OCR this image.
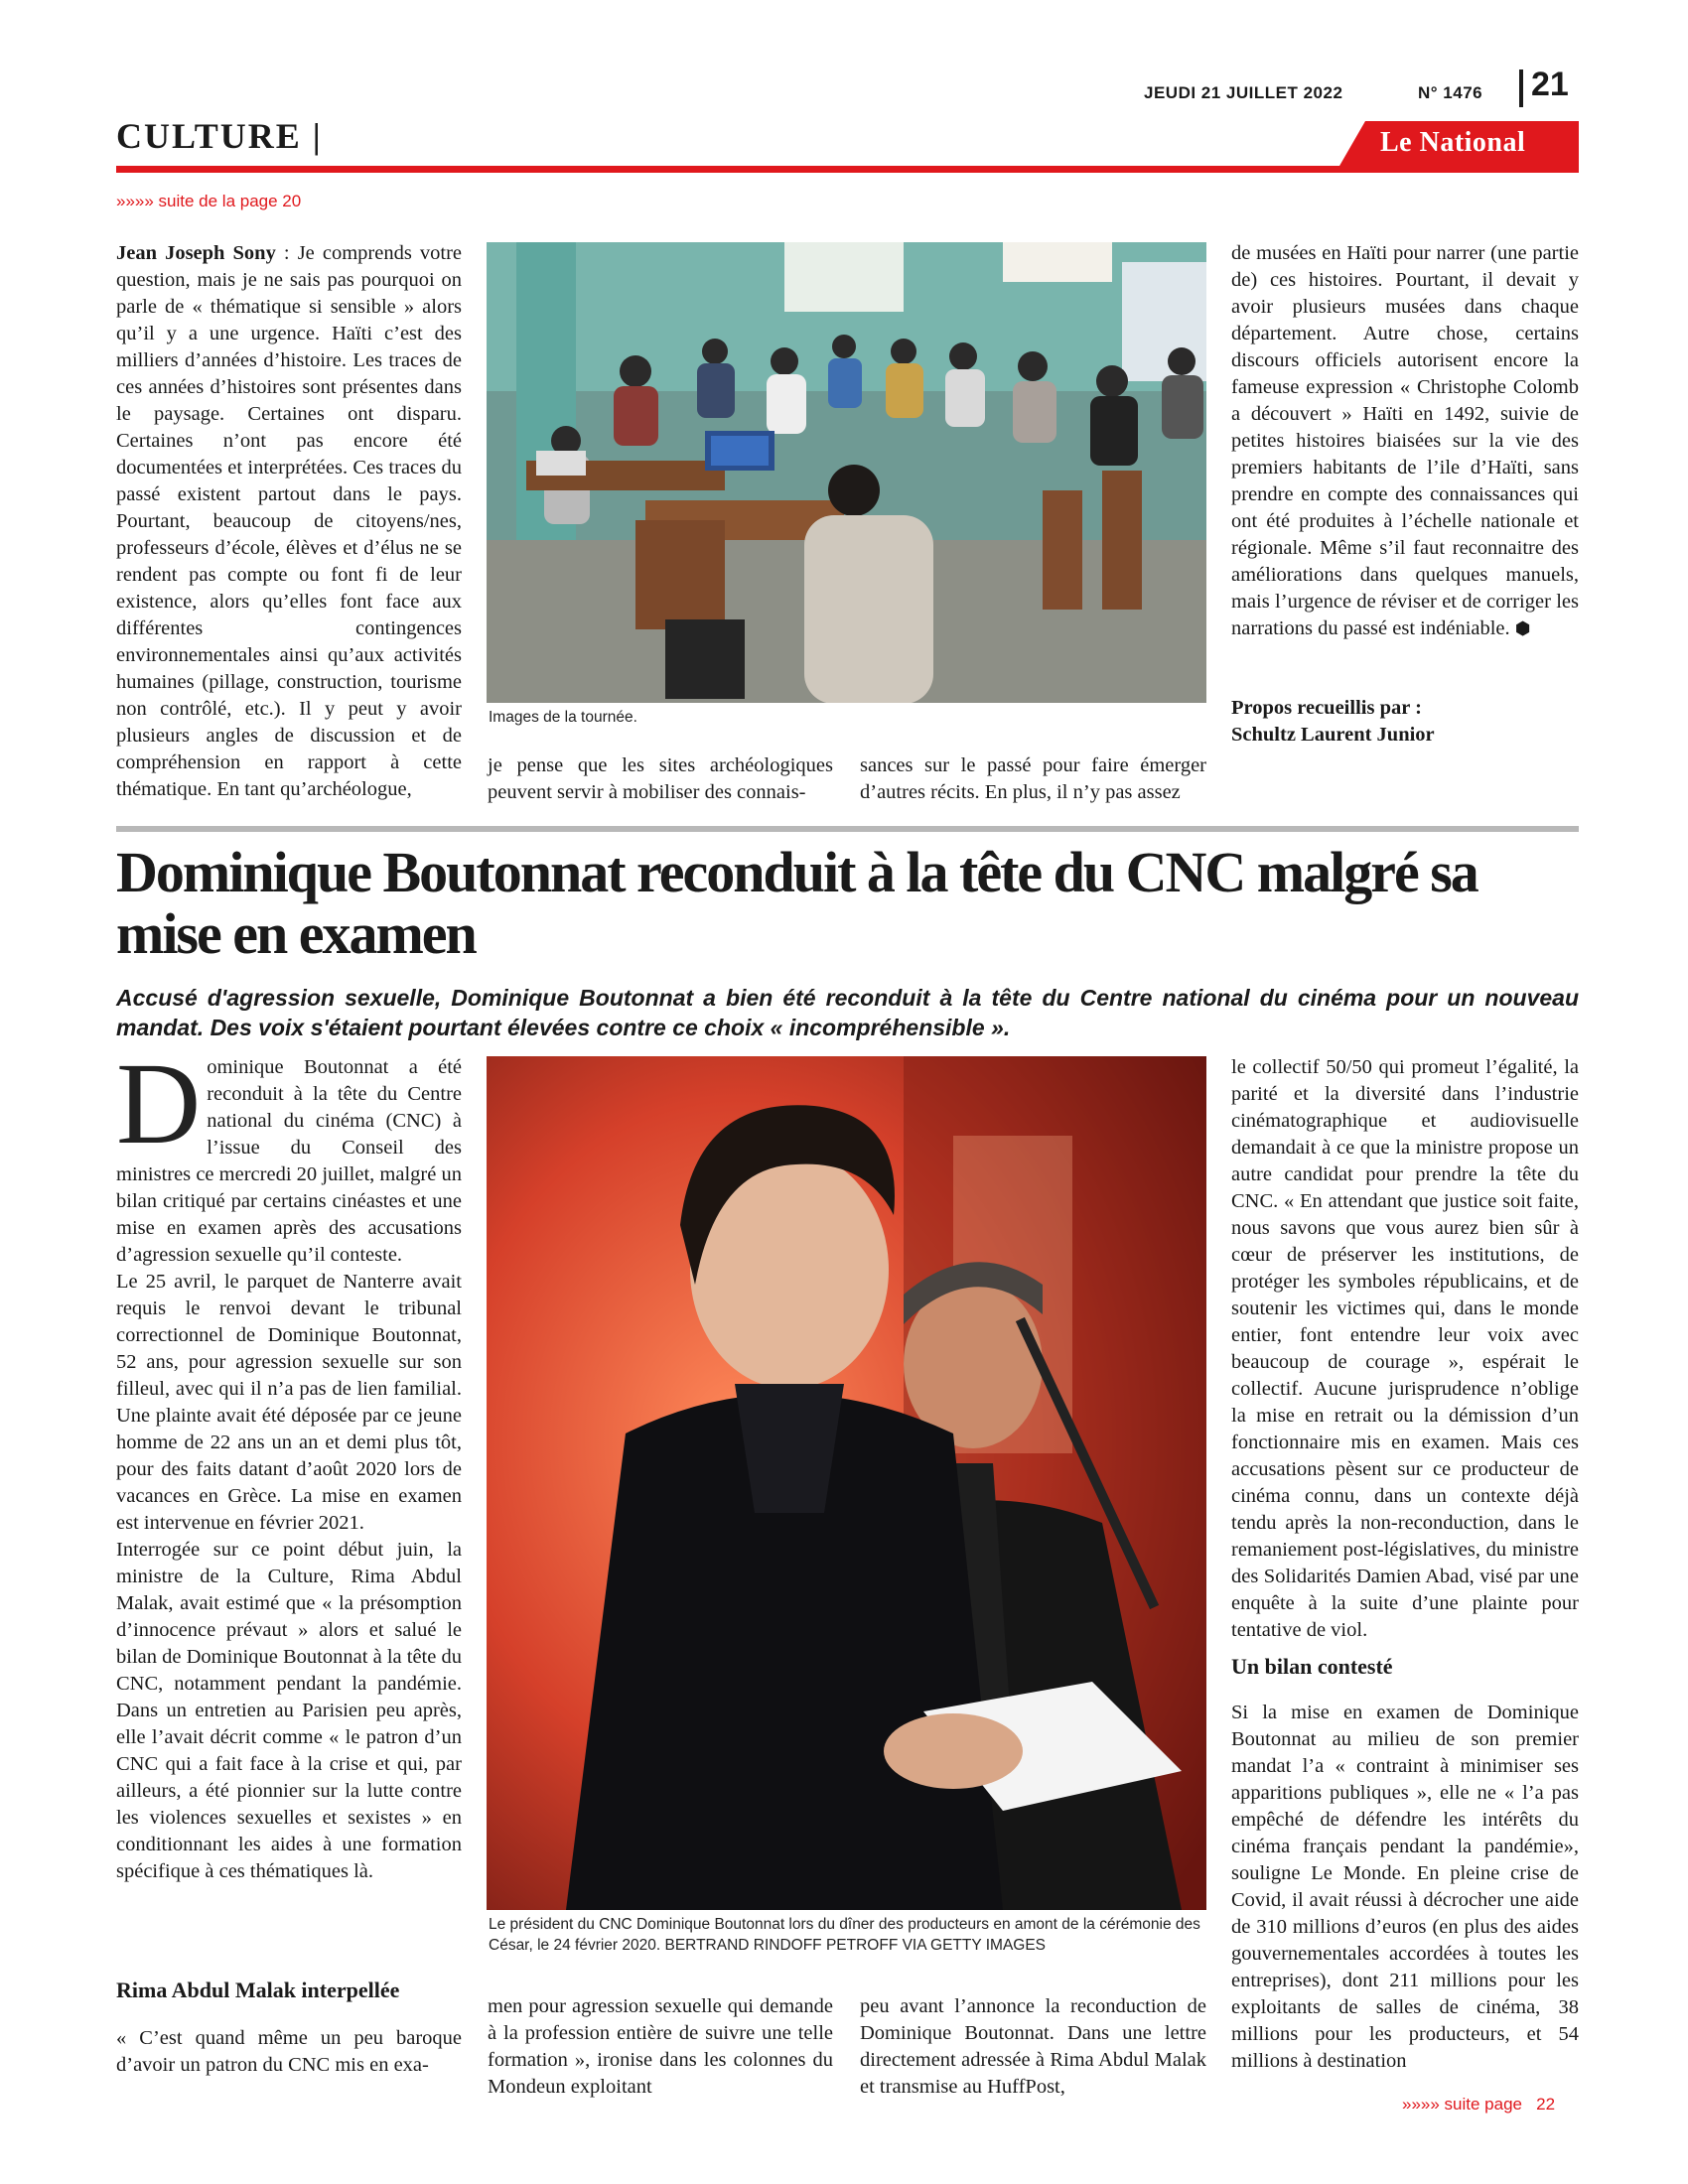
JEUDI 21 JUILLET 2022	N° 1476 21
CULTURE |	Le National
»»»» suite de la page 20

Jean Joseph Sony : Je comprends votre question, mais je ne sais pas pourquoi on parle de « thématique si sensible » alors qu’il y a une urgence. Haïti c’est des milliers d’années d’histoire. Les traces de ces années d’histoires sont présentes dans le paysage. Certaines ont disparu. Certaines n’ont pas encore été documentées et interprétées. Ces traces du passé existent partout dans le pays. Pourtant, beaucoup de citoyens/nes, professeurs d’école, élèves et d’élus ne se rendent pas compte ou font fi de leur existence, alors qu’elles font face aux différentes contingences environnementales ainsi qu’aux activités humaines (pillage, construction, tourisme non contrôlé, etc.). Il y peut y avoir plusieurs angles de discussion et de compréhension en rapport à cette thématique. En tant qu’archéologue,

Images de la tournée.
je pense que les sites archéologiques peuvent servir à mobiliser des connais-
sances sur le passé pour faire émerger d’autres récits. En plus, il n’y pas assez

de musées en Haïti pour narrer (une partie de) ces histoires. Pourtant, il devait y avoir plusieurs musées dans chaque département. Autre chose, certains discours officiels autorisent encore la fameuse expression « Christophe Colomb a découvert » Haïti en 1492, suivie de petites histoires biaisées sur la vie des premiers habitants de l’ile d’Haïti, sans prendre en compte des connaissances qui ont été produites à l’échelle nationale et régionale. Même s’il faut reconnaitre des améliorations dans quelques manuels, mais l’urgence de réviser et de corriger les narrations du passé est indéniable. ⬢

Propos recueillis par :
Schultz Laurent Junior
Dominique Boutonnat reconduit à la tête du CNC malgré sa mise en examen
Accusé d'agression sexuelle, Dominique Boutonnat a bien été reconduit à la tête du Centre national du cinéma pour un nouveau mandat. Des voix s'étaient pourtant élevées contre ce choix « incompréhensible ».

Dominique Boutonnat a été reconduit à la tête du Centre national du cinéma (CNC) à l’issue du Conseil des ministres ce mercredi 20 juillet, malgré un bilan critiqué par certains cinéastes et une mise en examen après des accusations d’agression sexuelle qu’il conteste.

Le 25 avril, le parquet de Nanterre avait requis le renvoi devant le tribunal correctionnel de Dominique Boutonnat, 52 ans, pour agression sexuelle sur son filleul, avec qui il n’a pas de lien familial. Une plainte avait été déposée par ce jeune homme de 22 ans un an et demi plus tôt, pour des faits datant d’août 2020 lors de vacances en Grèce. La mise en examen est intervenue en février 2021.

Interrogée sur ce point début juin, la ministre de la Culture, Rima Abdul Malak, avait estimé que « la présomption d’innocence prévaut » alors et salué le bilan de Dominique Boutonnat à la tête du CNC, notamment pendant la pandémie. Dans un entretien au Parisien peu après, elle l’avait décrit comme « le patron d’un CNC qui a fait face à la crise et qui, par ailleurs, a été pionnier sur la lutte contre les violences sexuelles et sexistes » en conditionnant les aides à une formation spécifique à ces thématiques là.

Rima Abdul Malak interpellée
« C’est quand même un peu baroque d’avoir un patron du CNC mis en exa-
Le président du CNC Dominique Boutonnat lors du dîner des producteurs en amont de la cérémonie des César, le 24 février 2020. BERTRAND RINDOFF PETROFF VIA GETTY IMAGES
men pour agression sexuelle qui demande à la profession entière de suivre une telle formation », ironise dans les colonnes du Mondeun exploitant
peu avant l’annonce la reconduction de Dominique Boutonnat. Dans une lettre directement adressée à Rima Abdul Malak et transmise au HuffPost,
le collectif 50/50 qui promeut l’égalité, la parité et la diversité dans l’industrie cinématographique et audiovisuelle demandait à ce que la ministre propose un autre candidat pour prendre la tête du CNC. « En attendant que justice soit faite, nous savons que vous aurez bien sûr à cœur de préserver les institutions, de protéger les symboles républicains, et de soutenir les victimes qui, dans le monde entier, font entendre leur voix avec beaucoup de courage », espérait le collectif. Aucune jurisprudence n’oblige la mise en retrait ou la démission d’un fonctionnaire mis en examen. Mais ces accusations pèsent sur ce producteur de cinéma connu, dans un contexte déjà tendu après la non-reconduction, dans le remaniement post-législatives, du ministre des Solidarités Damien Abad, visé par une enquête à la suite d’une plainte pour tentative de viol.
Un bilan contesté
Si la mise en examen de Dominique Boutonnat au milieu de son premier mandat l’a « contraint à minimiser ses apparitions publiques », elle ne « l’a pas empêché de défendre les intérêts du cinéma français pendant la pandémie», souligne Le Monde. En pleine crise de Covid, il avait réussi à décrocher une aide de 310 millions d’euros (en plus des aides gouvernementales accordées à toutes les entreprises), dont 211 millions pour les exploitants de salles de cinéma, 38 millions pour les producteurs, et 54 millions à destination
»»»» suite page 22
